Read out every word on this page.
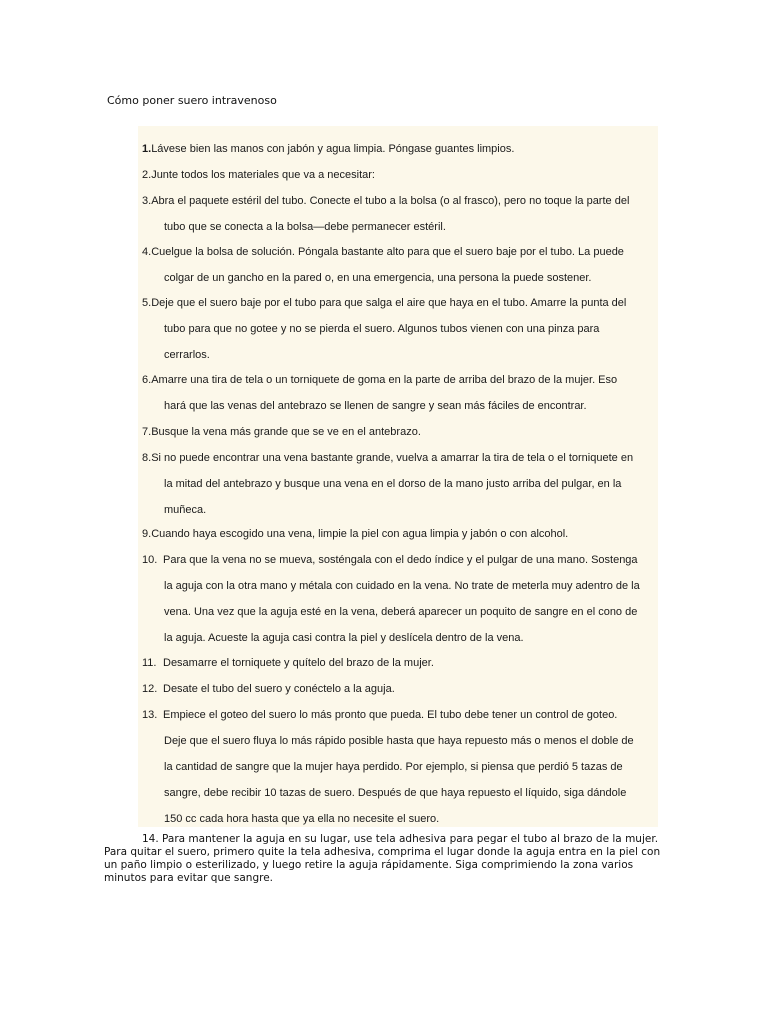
Cómo poner suero intravenoso
1.Lávese bien las manos con jabón y agua limpia. Póngase guantes limpios.
2.Junte todos los materiales que va a necesitar:
3.Abra el paquete estéril del tubo. Conecte el tubo a la bolsa (o al frasco), pero no toque la parte del
tubo que se conecta a la bolsa—debe permanecer estéril.
4.Cuelgue la bolsa de solución. Póngala bastante alto para que el suero baje por el tubo. La puede
colgar de un gancho en la pared o, en una emergencia, una persona la puede sostener.
5.Deje que el suero baje por el tubo para que salga el aire que haya en el tubo. Amarre la punta del
tubo para que no gotee y no se pierda el suero. Algunos tubos vienen con una pinza para
cerrarlos.
6.Amarre una tira de tela o un torniquete de goma en la parte de arriba del brazo de la mujer. Eso
hará que las venas del antebrazo se llenen de sangre y sean más fáciles de encontrar.
7.Busque la vena más grande que se ve en el antebrazo.
8.Si no puede encontrar una vena bastante grande, vuelva a amarrar la tira de tela o el torniquete en
la mitad del antebrazo y busque una vena en el dorso de la mano justo arriba del pulgar, en la
muñeca.
9.Cuando haya escogido una vena, limpie la piel con agua limpia y jabón o con alcohol.
10. Para que la vena no se mueva, sosténgala con el dedo índice y el pulgar de una mano. Sostenga
la aguja con la otra mano y métala con cuidado en la vena. No trate de meterla muy adentro de la
vena. Una vez que la aguja esté en la vena, deberá aparecer un poquito de sangre en el cono de
la aguja. Acueste la aguja casi contra la piel y deslícela dentro de la vena.
11. Desamarre el torniquete y quítelo del brazo de la mujer.
12. Desate el tubo del suero y conéctelo a la aguja.
13. Empiece el goteo del suero lo más pronto que pueda. El tubo debe tener un control de goteo.
Deje que el suero fluya lo más rápido posible hasta que haya repuesto más o menos el doble de
la cantidad de sangre que la mujer haya perdido. Por ejemplo, si piensa que perdió 5 tazas de
sangre, debe recibir 10 tazas de suero. Después de que haya repuesto el líquido, siga dándole
150 cc cada hora hasta que ya ella no necesite el suero.
14. Para mantener la aguja en su lugar, use tela adhesiva para pegar el tubo al brazo de la mujer.
Para quitar el suero, primero quite la tela adhesiva, comprima el lugar donde la aguja entra en la piel con un paño limpio o esterilizado, y luego retire la aguja rápidamente. Siga comprimiendo la zona varios minutos para evitar que sangre.
